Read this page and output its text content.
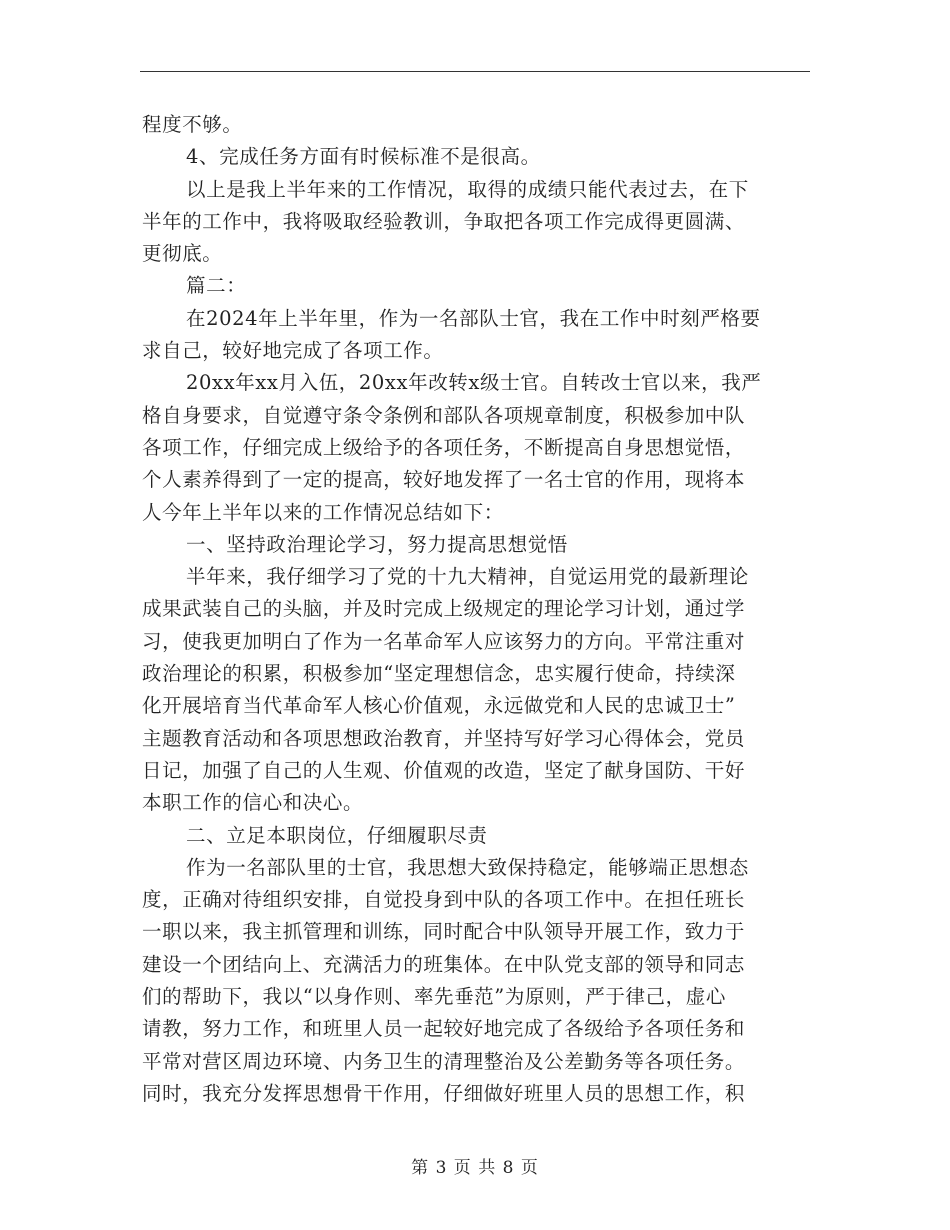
程度不够。
4、完成任务方面有时候标准不是很高。
以上是我上半年来的工作情况，取得的成绩只能代表过去，在下
半年的工作中，我将吸取经验教训，争取把各项工作完成得更圆满、
更彻底。
篇二：
在2024年上半年里，作为一名部队士官，我在工作中时刻严格要
求自己，较好地完成了各项工作。
20xx年xx月入伍，20xx年改转x级士官。自转改士官以来，我严
格自身要求，自觉遵守条令条例和部队各项规章制度，积极参加中队
各项工作，仔细完成上级给予的各项任务，不断提高自身思想觉悟，
个人素养得到了一定的提高，较好地发挥了一名士官的作用，现将本
人今年上半年以来的工作情况总结如下：
一、坚持政治理论学习，努力提高思想觉悟
半年来，我仔细学习了党的十九大精神，自觉运用党的最新理论
成果武装自己的头脑，并及时完成上级规定的理论学习计划，通过学
习，使我更加明白了作为一名革命军人应该努力的方向。平常注重对
政治理论的积累，积极参加“坚定理想信念，忠实履行使命，持续深
化开展培育当代革命军人核心价值观，永远做党和人民的忠诚卫士”
主题教育活动和各项思想政治教育，并坚持写好学习心得体会，党员
日记，加强了自己的人生观、价值观的改造，坚定了献身国防、干好
本职工作的信心和决心。
二、立足本职岗位，仔细履职尽责
作为一名部队里的士官，我思想大致保持稳定，能够端正思想态
度，正确对待组织安排，自觉投身到中队的各项工作中。在担任班长
一职以来，我主抓管理和训练，同时配合中队领导开展工作，致力于
建设一个团结向上、充满活力的班集体。在中队党支部的领导和同志
们的帮助下，我以“以身作则、率先垂范”为原则，严于律己，虚心
请教，努力工作，和班里人员一起较好地完成了各级给予各项任务和
平常对营区周边环境、内务卫生的清理整治及公差勤务等各项任务。
同时，我充分发挥思想骨干作用，仔细做好班里人员的思想工作，积
第 3 页 共 8 页
